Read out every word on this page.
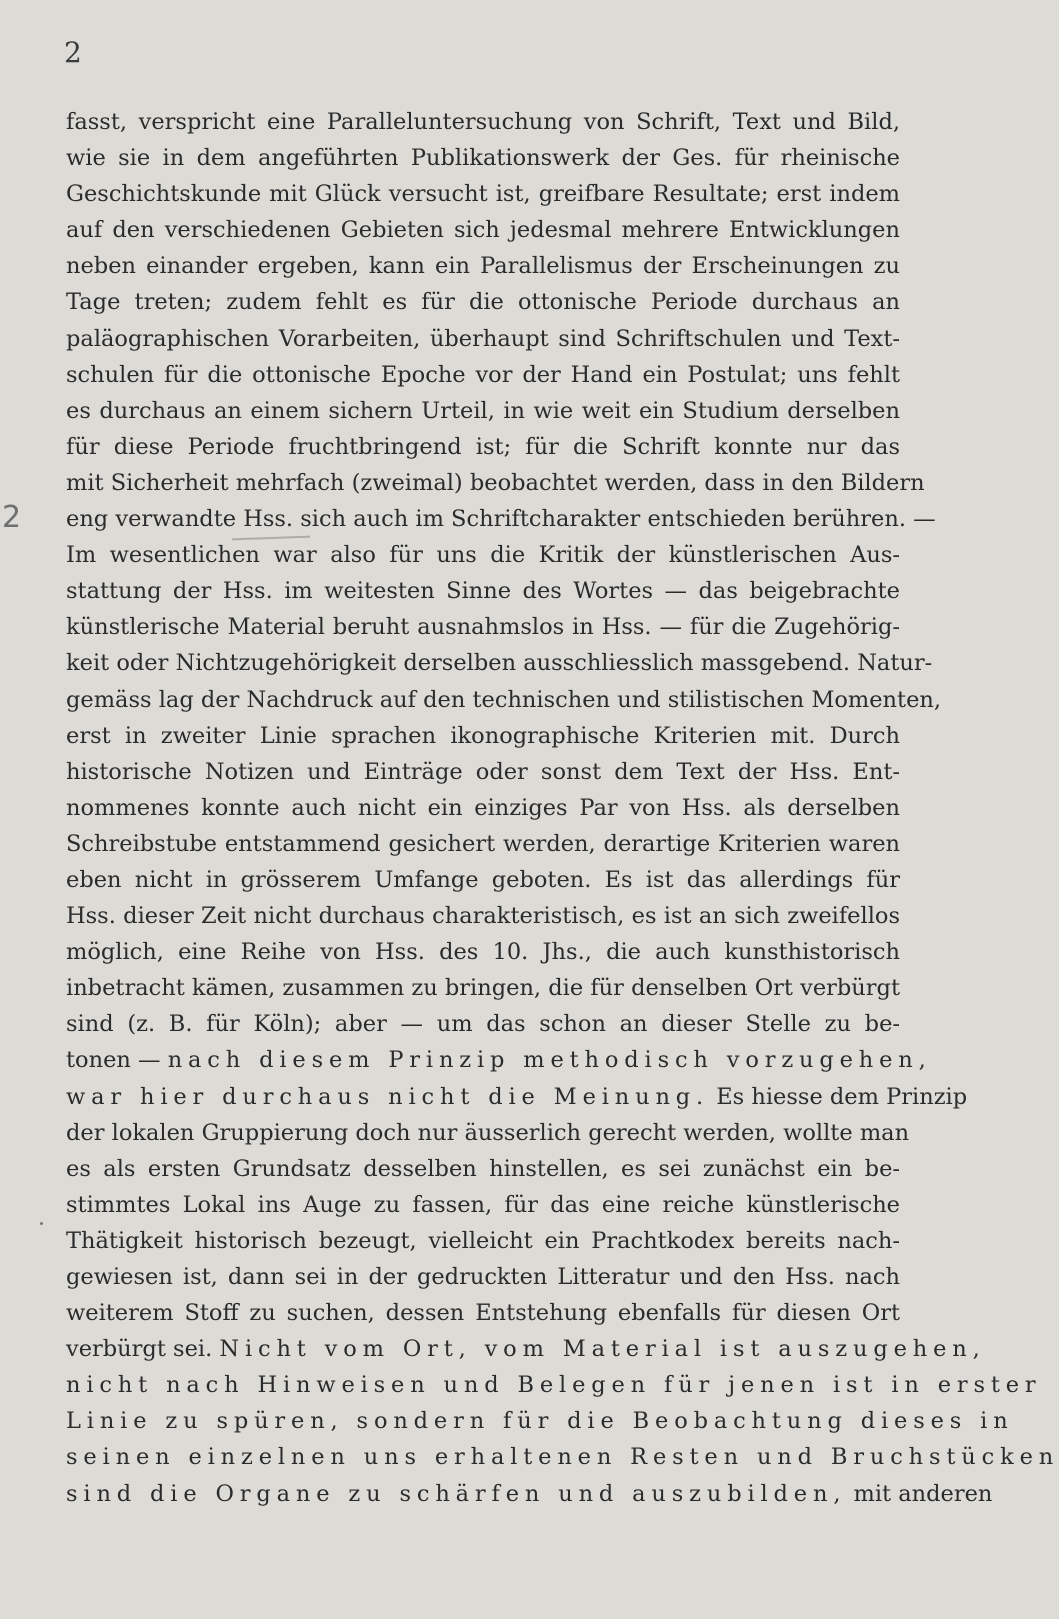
2
2
fasst, verspricht eine Paralleluntersuchung von Schrift, Text und Bild,
wie sie in dem angeführten Publikationswerk der Ges. für rheinische
Geschichtskunde mit Glück versucht ist, greifbare Resultate; erst indem
auf den verschiedenen Gebieten sich jedesmal mehrere Entwicklungen
neben einander ergeben, kann ein Parallelismus der Erscheinungen zu
Tage treten; zudem fehlt es für die ottonische Periode durchaus an
paläographischen Vorarbeiten, überhaupt sind Schriftschulen und Text-
schulen für die ottonische Epoche vor der Hand ein Postulat; uns fehlt
es durchaus an einem sichern Urteil, in wie weit ein Studium derselben
für diese Periode fruchtbringend ist; für die Schrift konnte nur das
mit Sicherheit mehrfach (zweimal) beobachtet werden, dass in den Bildern
eng verwandte Hss. sich auch im Schriftcharakter entschieden berühren. —
Im wesentlichen war also für uns die Kritik der künstlerischen Aus-
stattung der Hss. im weitesten Sinne des Wortes — das beigebrachte
künstlerische Material beruht ausnahmslos in Hss. — für die Zugehörig-
keit oder Nichtzugehörigkeit derselben ausschliesslich massgebend. Natur-
gemäss lag der Nachdruck auf den technischen und stilistischen Momenten,
erst in zweiter Linie sprachen ikonographische Kriterien mit. Durch
historische Notizen und Einträge oder sonst dem Text der Hss. Ent-
nommenes konnte auch nicht ein einziges Par von Hss. als derselben
Schreibstube entstammend gesichert werden, derartige Kriterien waren
eben nicht in grösserem Umfange geboten. Es ist das allerdings für
Hss. dieser Zeit nicht durchaus charakteristisch, es ist an sich zweifellos
möglich, eine Reihe von Hss. des 10. Jhs., die auch kunsthistorisch
inbetracht kämen, zusammen zu bringen, die für denselben Ort verbürgt
sind (z. B. für Köln); aber — um das schon an dieser Stelle zu be-
tonen — nach diesem Prinzip methodisch vorzugehen,
war hier durchaus nicht die Meinung. Es hiesse dem Prinzip
der lokalen Gruppierung doch nur äusserlich gerecht werden, wollte man
es als ersten Grundsatz desselben hinstellen, es sei zunächst ein be-
stimmtes Lokal ins Auge zu fassen, für das eine reiche künstlerische
Thätigkeit historisch bezeugt, vielleicht ein Prachtkodex bereits nach-
gewiesen ist, dann sei in der gedruckten Litteratur und den Hss. nach
weiterem Stoff zu suchen, dessen Entstehung ebenfalls für diesen Ort
verbürgt sei. Nicht vom Ort, vom Material ist auszugehen,
nicht nach Hinweisen und Belegen für jenen ist in erster
Linie zu spüren, sondern für die Beobachtung dieses in
seinen einzelnen uns erhaltenen Resten und Bruchstücken
sind die Organe zu schärfen und auszubilden, mit anderen
